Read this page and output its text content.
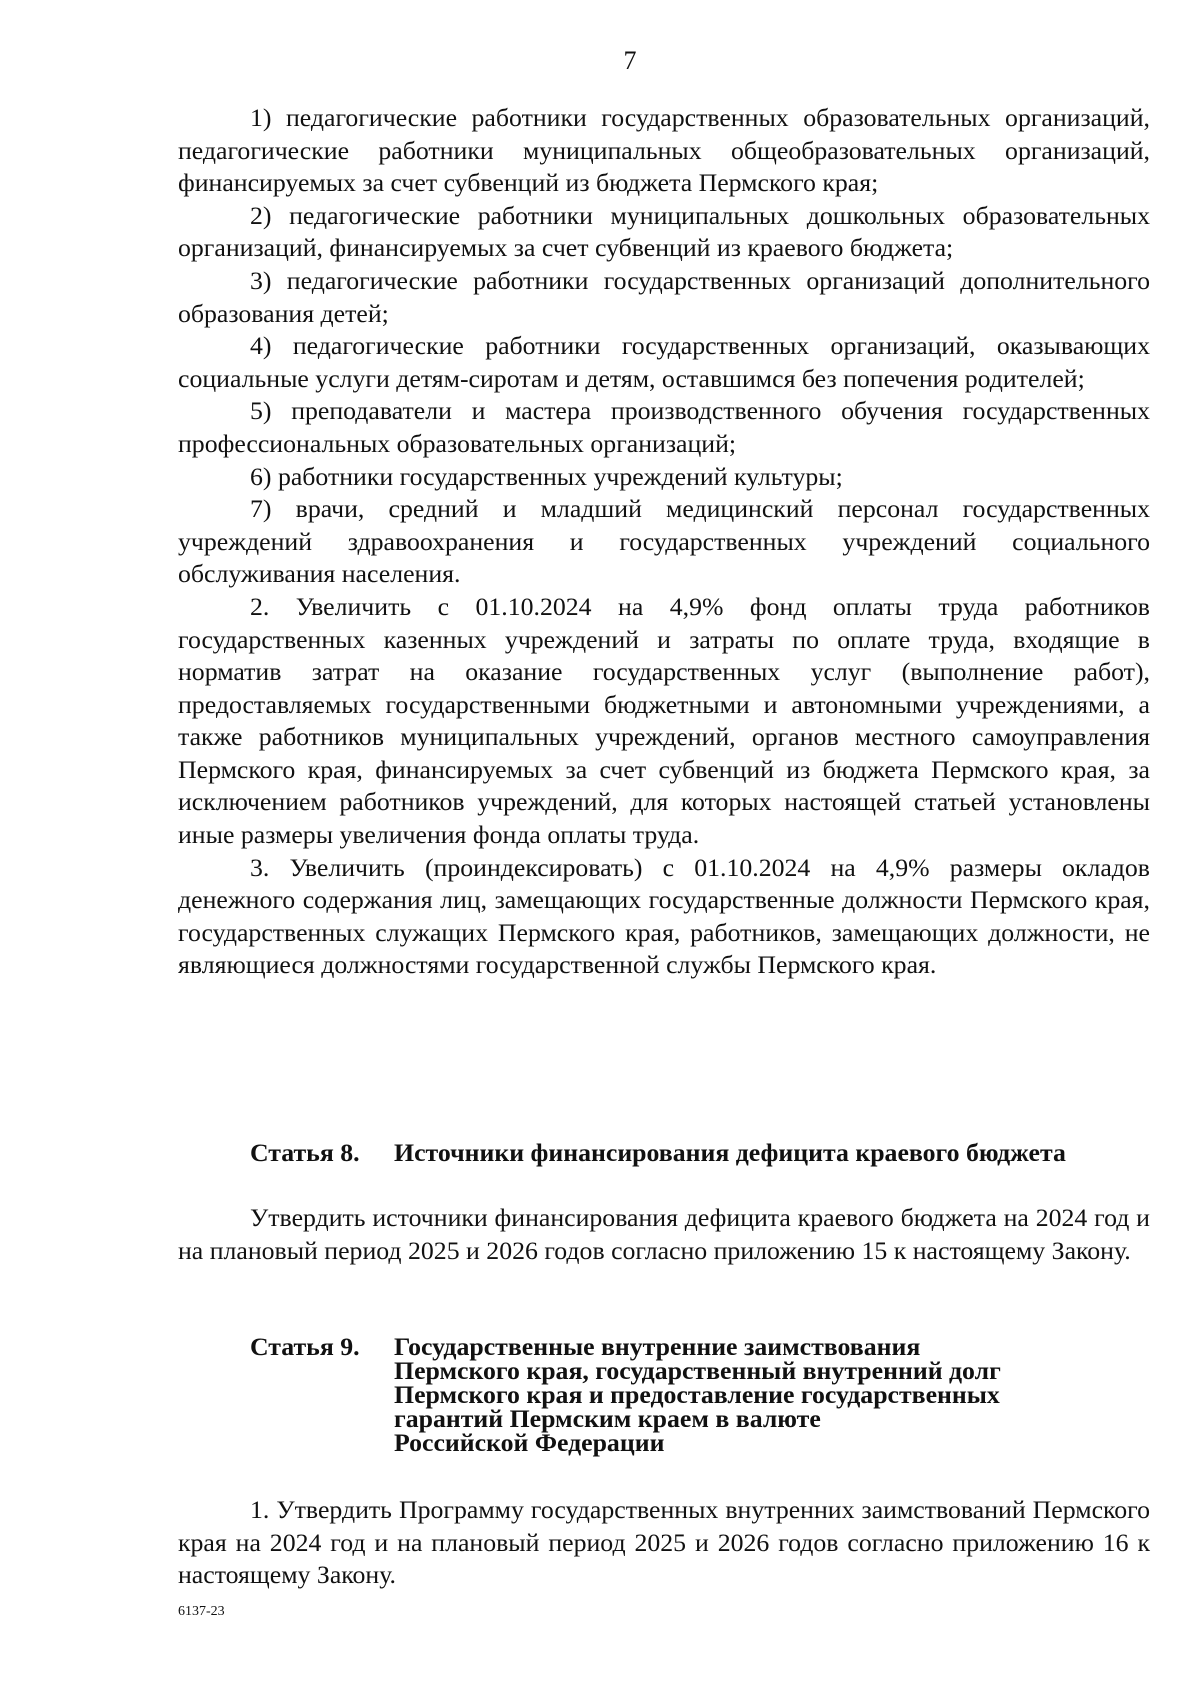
7

1) педагогические работники государственных образовательных организаций, педагогические работники муниципальных общеобразовательных организаций, финансируемых за счет субвенций из бюджета Пермского края;

2) педагогические работники муниципальных дошкольных образовательных организаций, финансируемых за счет субвенций из краевого бюджета;

3) педагогические работники государственных организаций дополнительного образования детей;

4) педагогические работники государственных организаций, оказывающих социальные услуги детям-сиротам и детям, оставшимся без попечения родителей;

5) преподаватели и мастера производственного обучения государственных профессиональных образовательных организаций;

6) работники государственных учреждений культуры;

7) врачи, средний и младший медицинский персонал государственных учреждений здравоохранения и государственных учреждений социального обслуживания населения.

2. Увеличить с 01.10.2024 на 4,9% фонд оплаты труда работников государственных казенных учреждений и затраты по оплате труда, входящие в норматив затрат на оказание государственных услуг (выполнение работ), предоставляемых государственными бюджетными и автономными учреждениями, а также работников муниципальных учреждений, органов местного самоуправления Пермского края, финансируемых за счет субвенций из бюджета Пермского края, за исключением работников учреждений, для которых настоящей статьей установлены иные размеры увеличения фонда оплаты труда.

3. Увеличить (проиндексировать) с 01.10.2024 на 4,9% размеры окладов денежного содержания лиц, замещающих государственные должности Пермского края, государственных служащих Пермского края, работников, замещающих должности, не являющиеся должностями государственной службы Пермского края.

Статья 8.	Источники финансирования дефицита краевого бюджета

Утвердить источники финансирования дефицита краевого бюджета на 2024 год и на плановый период 2025 и 2026 годов согласно приложению 15 к настоящему Закону.

Статья 9.	Государственные внутренние заимствования
Пермского края, государственный внутренний долг
Пермского края и предоставление государственных
гарантий Пермским краем в валюте
Российской Федерации

1. Утвердить Программу государственных внутренних заимствований Пермского края на 2024 год и на плановый период 2025 и 2026 годов согласно приложению 16 к настоящему Закону.

6137-23
